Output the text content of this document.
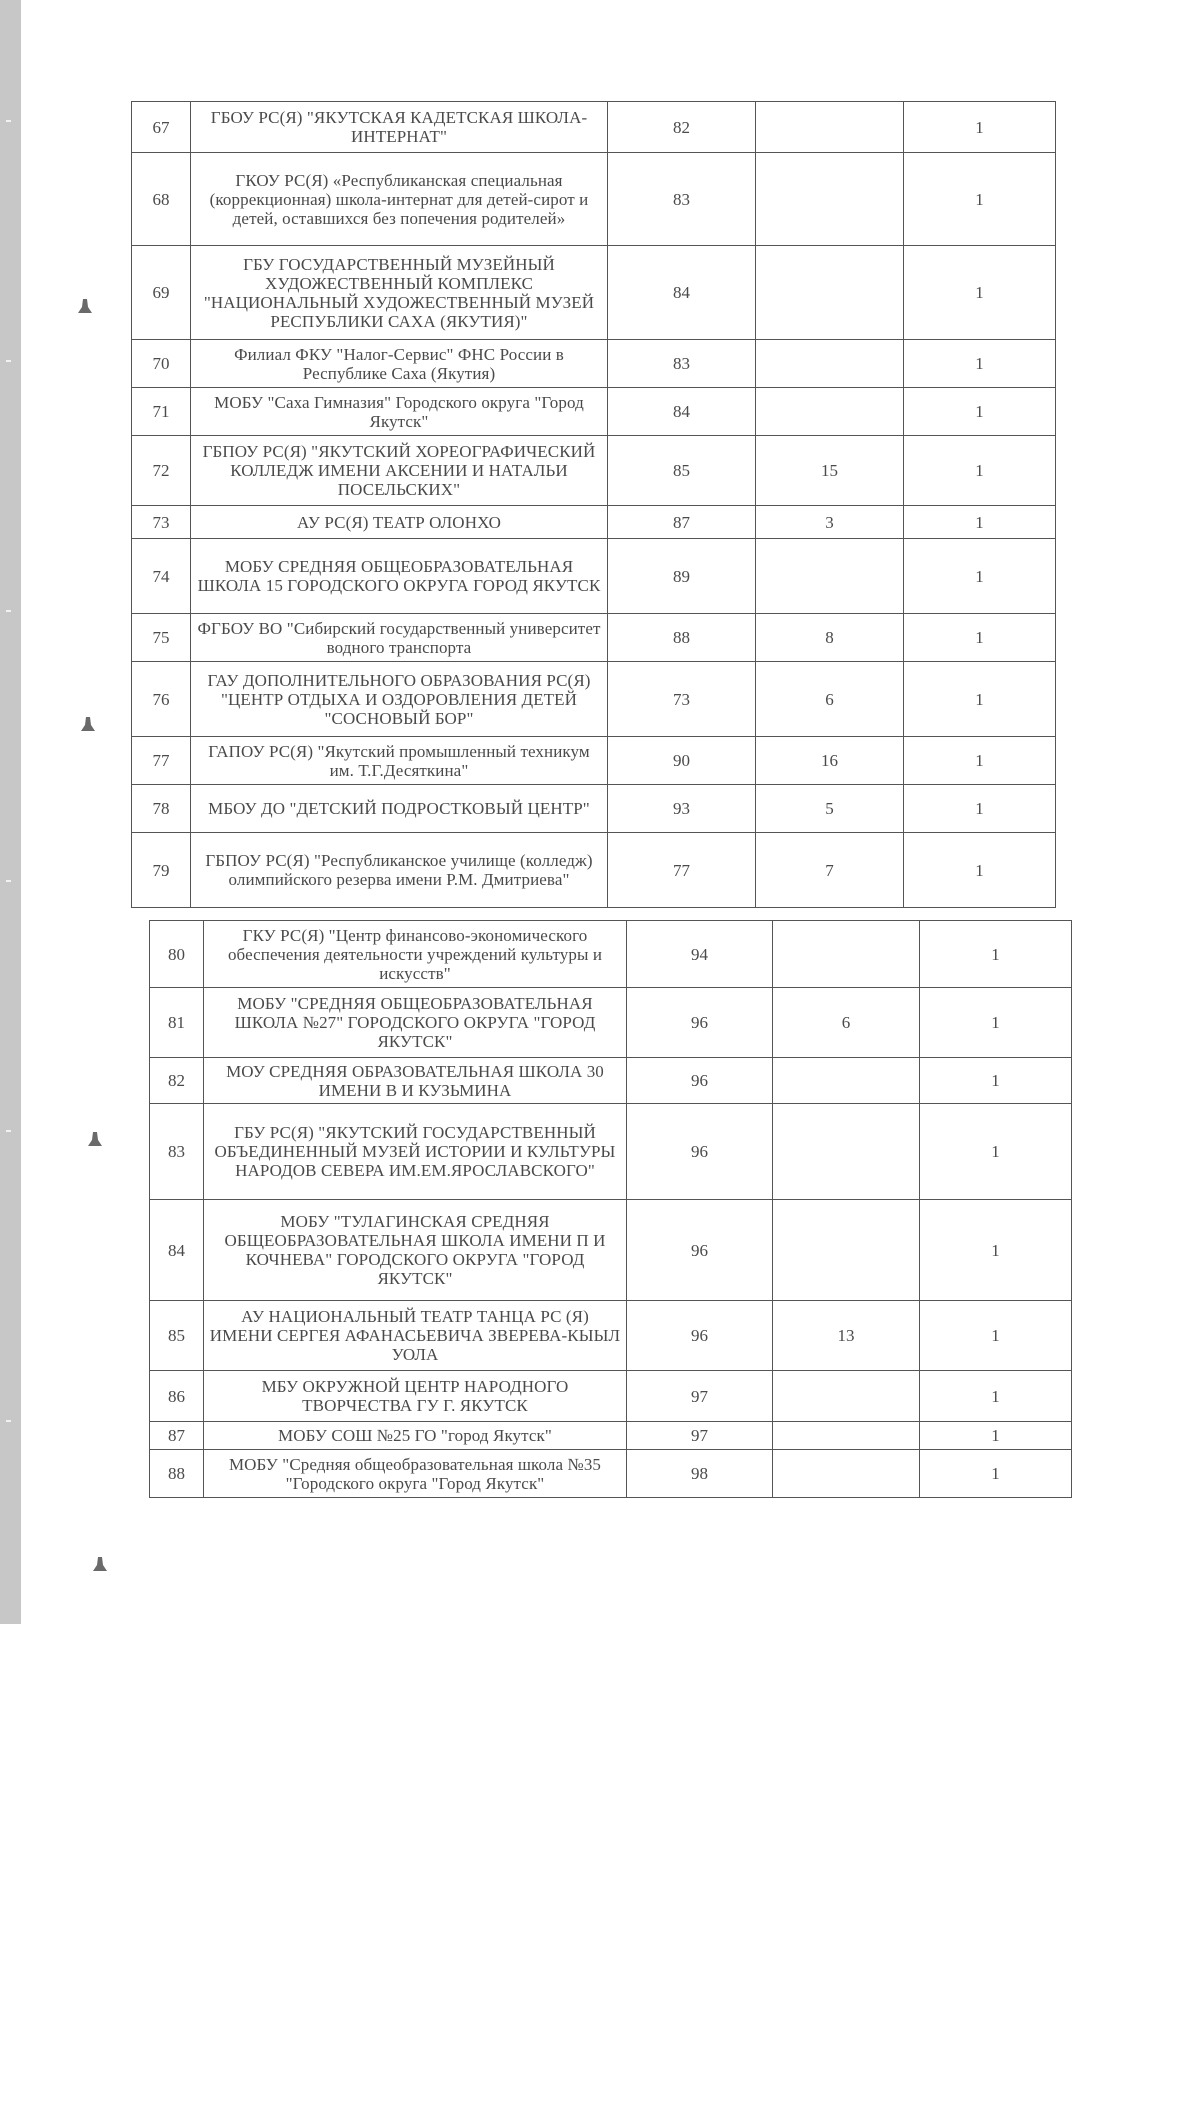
67	ГБОУ РС(Я) "ЯКУТСКАЯ КАДЕТСКАЯ ШКОЛА-ИНТЕРНАТ"	82		1
68	ГКОУ РС(Я) «Республиканская специальная (коррекционная) школа-интернат для детей-сирот и детей, оставшихся без попечения родителей»	83		1
69	ГБУ ГОСУДАРСТВЕННЫЙ МУЗЕЙНЫЙ ХУДОЖЕСТВЕННЫЙ КОМПЛЕКС "НАЦИОНАЛЬНЫЙ ХУДОЖЕСТВЕННЫЙ МУЗЕЙ РЕСПУБЛИКИ САХА (ЯКУТИЯ)"	84		1
70	Филиал ФКУ "Налог-Сервис" ФНС России в Республике Саха (Якутия)	83		1
71	МОБУ "Саха Гимназия" Городского округа "Город Якутск"	84		1
72	ГБПОУ РС(Я) "ЯКУТСКИЙ ХОРЕОГРАФИЧЕСКИЙ КОЛЛЕДЖ ИМЕНИ АКСЕНИИ И НАТАЛЬИ ПОСЕЛЬСКИХ"	85	15	1
73	АУ РС(Я) ТЕАТР ОЛОНХО	87	3	1
74	МОБУ СРЕДНЯЯ ОБЩЕОБРАЗОВАТЕЛЬНАЯ ШКОЛА 15 ГОРОДСКОГО ОКРУГА ГОРОД ЯКУТСК	89		1
75	ФГБОУ ВО "Сибирский государственный университет водного транспорта	88	8	1
76	ГАУ ДОПОЛНИТЕЛЬНОГО ОБРАЗОВАНИЯ РС(Я) "ЦЕНТР ОТДЫХА И ОЗДОРОВЛЕНИЯ ДЕТЕЙ "СОСНОВЫЙ БОР"	73	6	1
77	ГАПОУ РС(Я) "Якутский промышленный техникум им. Т.Г.Десяткина"	90	16	1
78	МБОУ ДО "ДЕТСКИЙ ПОДРОСТКОВЫЙ ЦЕНТР"	93	5	1
79	ГБПОУ РС(Я) "Республиканское училище (колледж) олимпийского резерва имени Р.М. Дмитриева"	77	7	1
80	ГКУ РС(Я) "Центр финансово-экономического обеспечения деятельности учреждений культуры и искусств"	94		1
81	МОБУ "СРЕДНЯЯ ОБЩЕОБРАЗОВАТЕЛЬНАЯ ШКОЛА №27" ГОРОДСКОГО ОКРУГА "ГОРОД ЯКУТСК"	96	6	1
82	МОУ СРЕДНЯЯ ОБРАЗОВАТЕЛЬНАЯ ШКОЛА 30 ИМЕНИ В И КУЗЬМИНА	96		1
83	ГБУ РС(Я) "ЯКУТСКИЙ ГОСУДАРСТВЕННЫЙ ОБЪЕДИНЕННЫЙ МУЗЕЙ ИСТОРИИ И КУЛЬТУРЫ НАРОДОВ СЕВЕРА ИМ.ЕМ.ЯРОСЛАВСКОГО"	96		1
84	МОБУ "ТУЛАГИНСКАЯ СРЕДНЯЯ ОБЩЕОБРАЗОВАТЕЛЬНАЯ ШКОЛА ИМЕНИ П И КОЧНЕВА" ГОРОДСКОГО ОКРУГА "ГОРОД ЯКУТСК"	96		1
85	АУ НАЦИОНАЛЬНЫЙ ТЕАТР ТАНЦА РС (Я) ИМЕНИ СЕРГЕЯ АФАНАСЬЕВИЧА ЗВЕРЕВА-КЫЫЛ УОЛА	96	13	1
86	МБУ ОКРУЖНОЙ ЦЕНТР НАРОДНОГО ТВОРЧЕСТВА ГУ Г. ЯКУТСК	97		1
87	МОБУ СОШ №25 ГО "город Якутск"	97		1
88	МОБУ "Средняя общеобразовательная школа №35 "Городского округа "Город Якутск"	98		1
